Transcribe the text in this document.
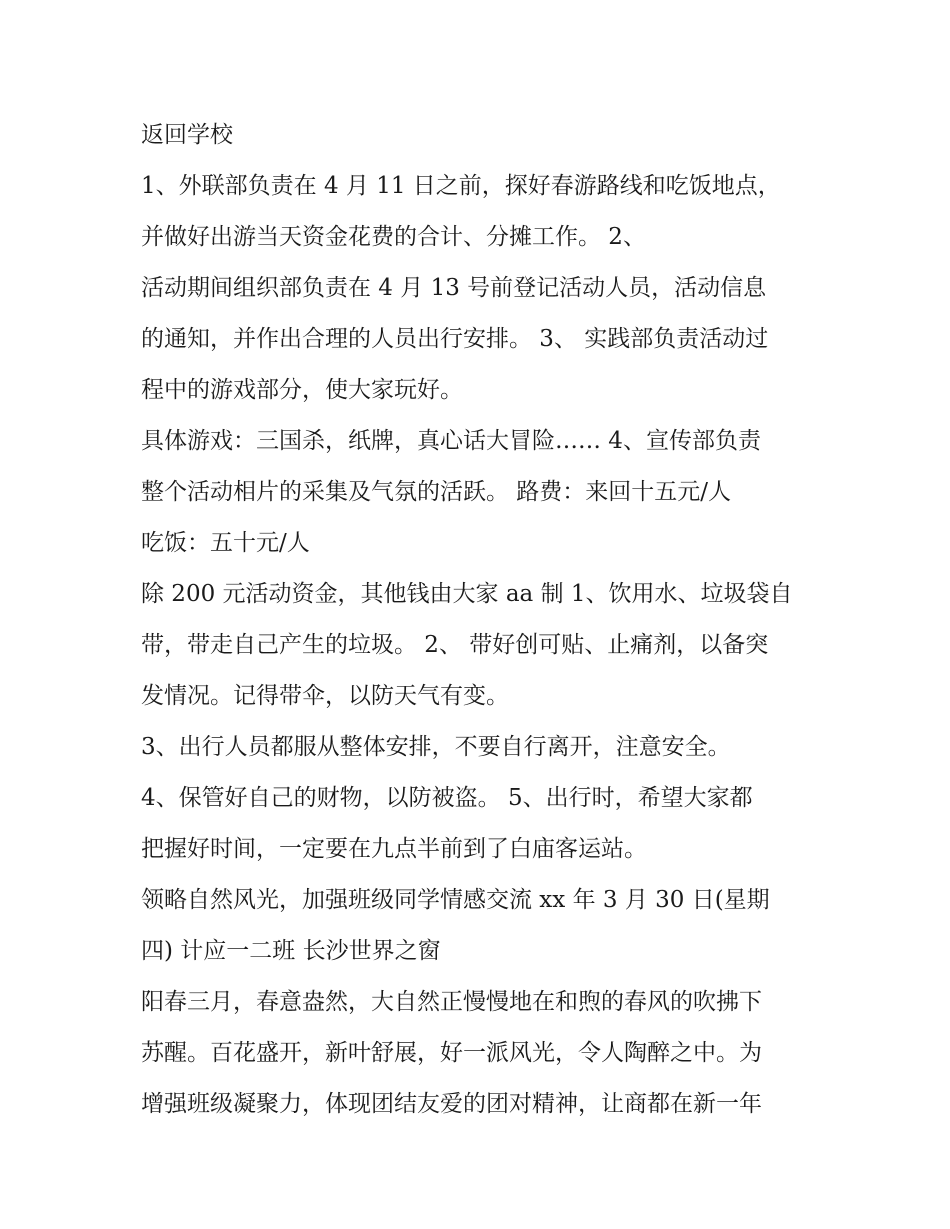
返回学校
1、外联部负责在 4 月 11 日之前，探好春游路线和吃饭地点，
并做好出游当天资金花费的合计、分摊工作。 2、
活动期间组织部负责在 4 月 13 号前登记活动人员，活动信息
的通知，并作出合理的人员出行安排。 3、 实践部负责活动过
程中的游戏部分，使大家玩好。
具体游戏：三国杀，纸牌，真心话大冒险…… 4、宣传部负责
整个活动相片的采集及气氛的活跃。 路费：来回十五元/人
吃饭：五十元/人
除 200 元活动资金，其他钱由大家 aa 制 1、饮用水、垃圾袋自
带，带走自己产生的垃圾。 2、 带好创可贴、止痛剂，以备突
发情况。记得带伞，以防天气有变。
3、出行人员都服从整体安排，不要自行离开，注意安全。
4、保管好自己的财物，以防被盗。 5、出行时，希望大家都
把握好时间，一定要在九点半前到了白庙客运站。
领略自然风光，加强班级同学情感交流 xx 年 3 月 30 日(星期
四) 计应一二班 长沙世界之窗
阳春三月，春意盎然，大自然正慢慢地在和煦的春风的吹拂下
苏醒。百花盛开，新叶舒展，好一派风光，令人陶醉之中。为
增强班级凝聚力，体现团结友爱的团对精神，让商都在新一年
